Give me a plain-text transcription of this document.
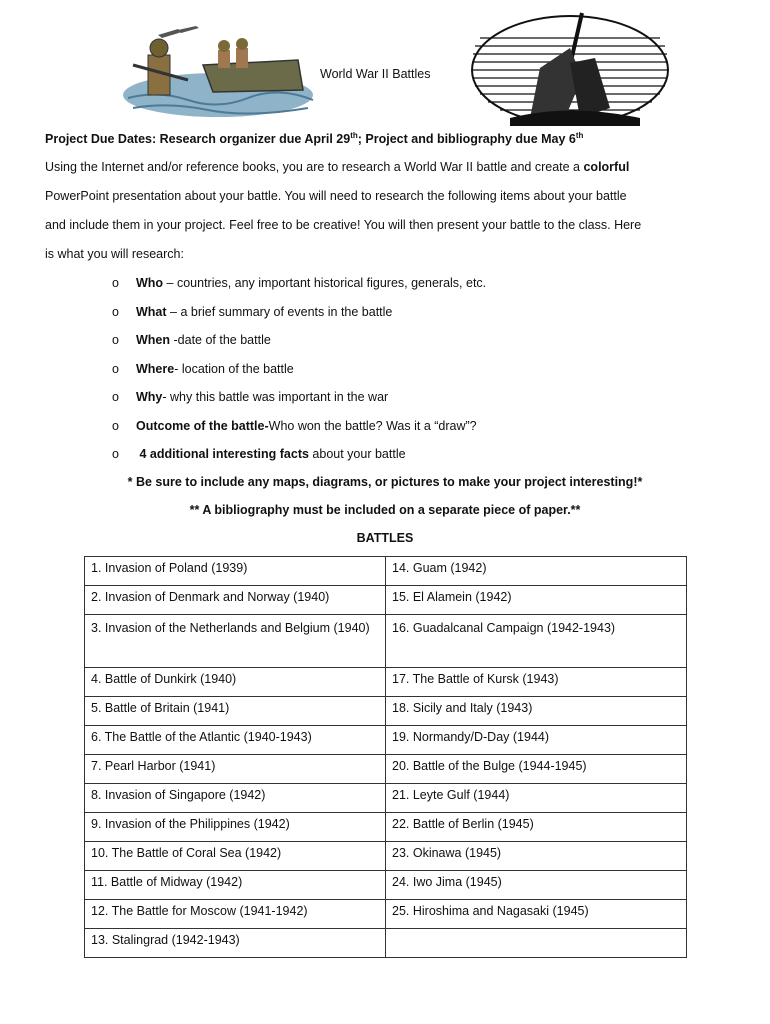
World War II Battles
Project Due Dates: Research organizer due April 29th; Project and bibliography due May 6th
Using the Internet and/or reference books, you are to research a World War II battle and create a colorful
PowerPoint presentation about your battle. You will need to research the following items about your battle
and include them in your project. Feel free to be creative! You will then present your battle to the class. Here
is what you will research:
o	Who – countries, any important historical figures, generals, etc.
o	What – a brief summary of events in the battle
o	When -date of the battle
o	Where- location of the battle
o	Why- why this battle was important in the war
o	Outcome of the battle-Who won the battle? Was it a “draw”?
o	4 additional interesting facts about your battle
* Be sure to include any maps, diagrams, or pictures to make your project interesting!*
** A bibliography must be included on a separate piece of paper.**
BATTLES
1. Invasion of Poland (1939)	14. Guam (1942)
2. Invasion of Denmark and Norway (1940)	15. El Alamein (1942)
3. Invasion of the Netherlands and Belgium (1940)	16. Guadalcanal Campaign (1942-1943)
4. Battle of Dunkirk (1940)	17. The Battle of Kursk (1943)
5. Battle of Britain (1941)	18. Sicily and Italy (1943)
6. The Battle of the Atlantic (1940-1943)	19. Normandy/D-Day (1944)
7. Pearl Harbor (1941)	20. Battle of the Bulge (1944-1945)
8. Invasion of Singapore (1942)	21. Leyte Gulf (1944)
9. Invasion of the Philippines (1942)	22. Battle of Berlin (1945)
10. The Battle of Coral Sea (1942)	23. Okinawa (1945)
11. Battle of Midway (1942)	24. Iwo Jima (1945)
12. The Battle for Moscow (1941-1942)	25. Hiroshima and Nagasaki (1945)
13. Stalingrad (1942-1943)	
